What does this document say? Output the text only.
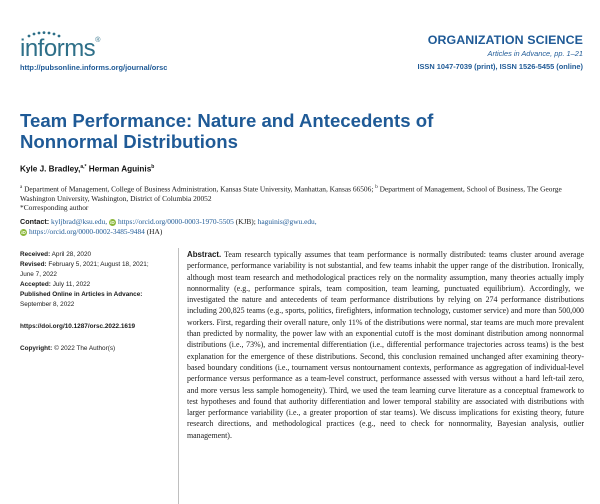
informs®
http://pubsonline.informs.org/journal/orsc
ORGANIZATION SCIENCE
Articles in Advance, pp. 1–21
ISSN 1047-7039 (print), ISSN 1526-5455 (online)
Team Performance: Nature and Antecedents of Nonnormal Distributions
Kyle J. Bradley,$^{a,*}$ Herman Aguinis$^b$
$^a$ Department of Management, College of Business Administration, Kansas State University, Manhattan, Kansas 66506; $^b$ Department of Management, School of Business, The George Washington University, Washington, District of Columbia 20052
*Corresponding author
Contact: kyljbrad@ksu.edu, iD https://orcid.org/0000-0003-1970-5505 (KJB); haguinis@gwu.edu,
iD https://orcid.org/0000-0002-3485-9484 (HA)
Received: April 28, 2020
Revised: February 5, 2021; August 18, 2021;
June 7, 2022
Accepted: July 11, 2022
Published Online in Articles in Advance:
September 8, 2022
https://doi.org/10.1287/orsc.2022.1619
Copyright: © 2022 The Author(s)
Abstract. Team research typically assumes that team performance is normally distributed: teams cluster around average performance, performance variability is not substantial, and few teams inhabit the upper range of the distribution. Ironically, although most team research and methodological practices rely on the normality assumption, many theories actually imply nonnormality (e.g., performance spirals, team composition, team learning, punctuated equilibrium). Accordingly, we investigated the nature and antecedents of team performance distributions by relying on 274 performance distributions including 200,825 teams (e.g., sports, politics, firefighters, information technology, customer service) and more than 500,000 workers. First, regarding their overall nature, only 11% of the distributions were normal, star teams are much more prevalent than predicted by normality, the power law with an exponential cutoff is the most dominant distribution among nonnormal distributions (i.e., 73%), and incremental differentiation (i.e., differential performance trajectories across teams) is the best explanation for the emergence of these distributions. Second, this conclusion remained unchanged after examining theory-based boundary conditions (i.e., tournament versus nontournament contexts, performance as aggregation of individual-level performance versus performance as a team-level construct, performance assessed with versus without a hard left-tail zero, and more versus less sample homogeneity). Third, we used the team learning curve literature as a conceptual framework to test hypotheses and found that authority differentiation and lower temporal stability are associated with distributions with larger performance variability (i.e., a greater proportion of star teams). We discuss implications for existing theory, future research directions, and methodological practices (e.g., need to check for nonnormality, Bayesian analysis, outlier management).
